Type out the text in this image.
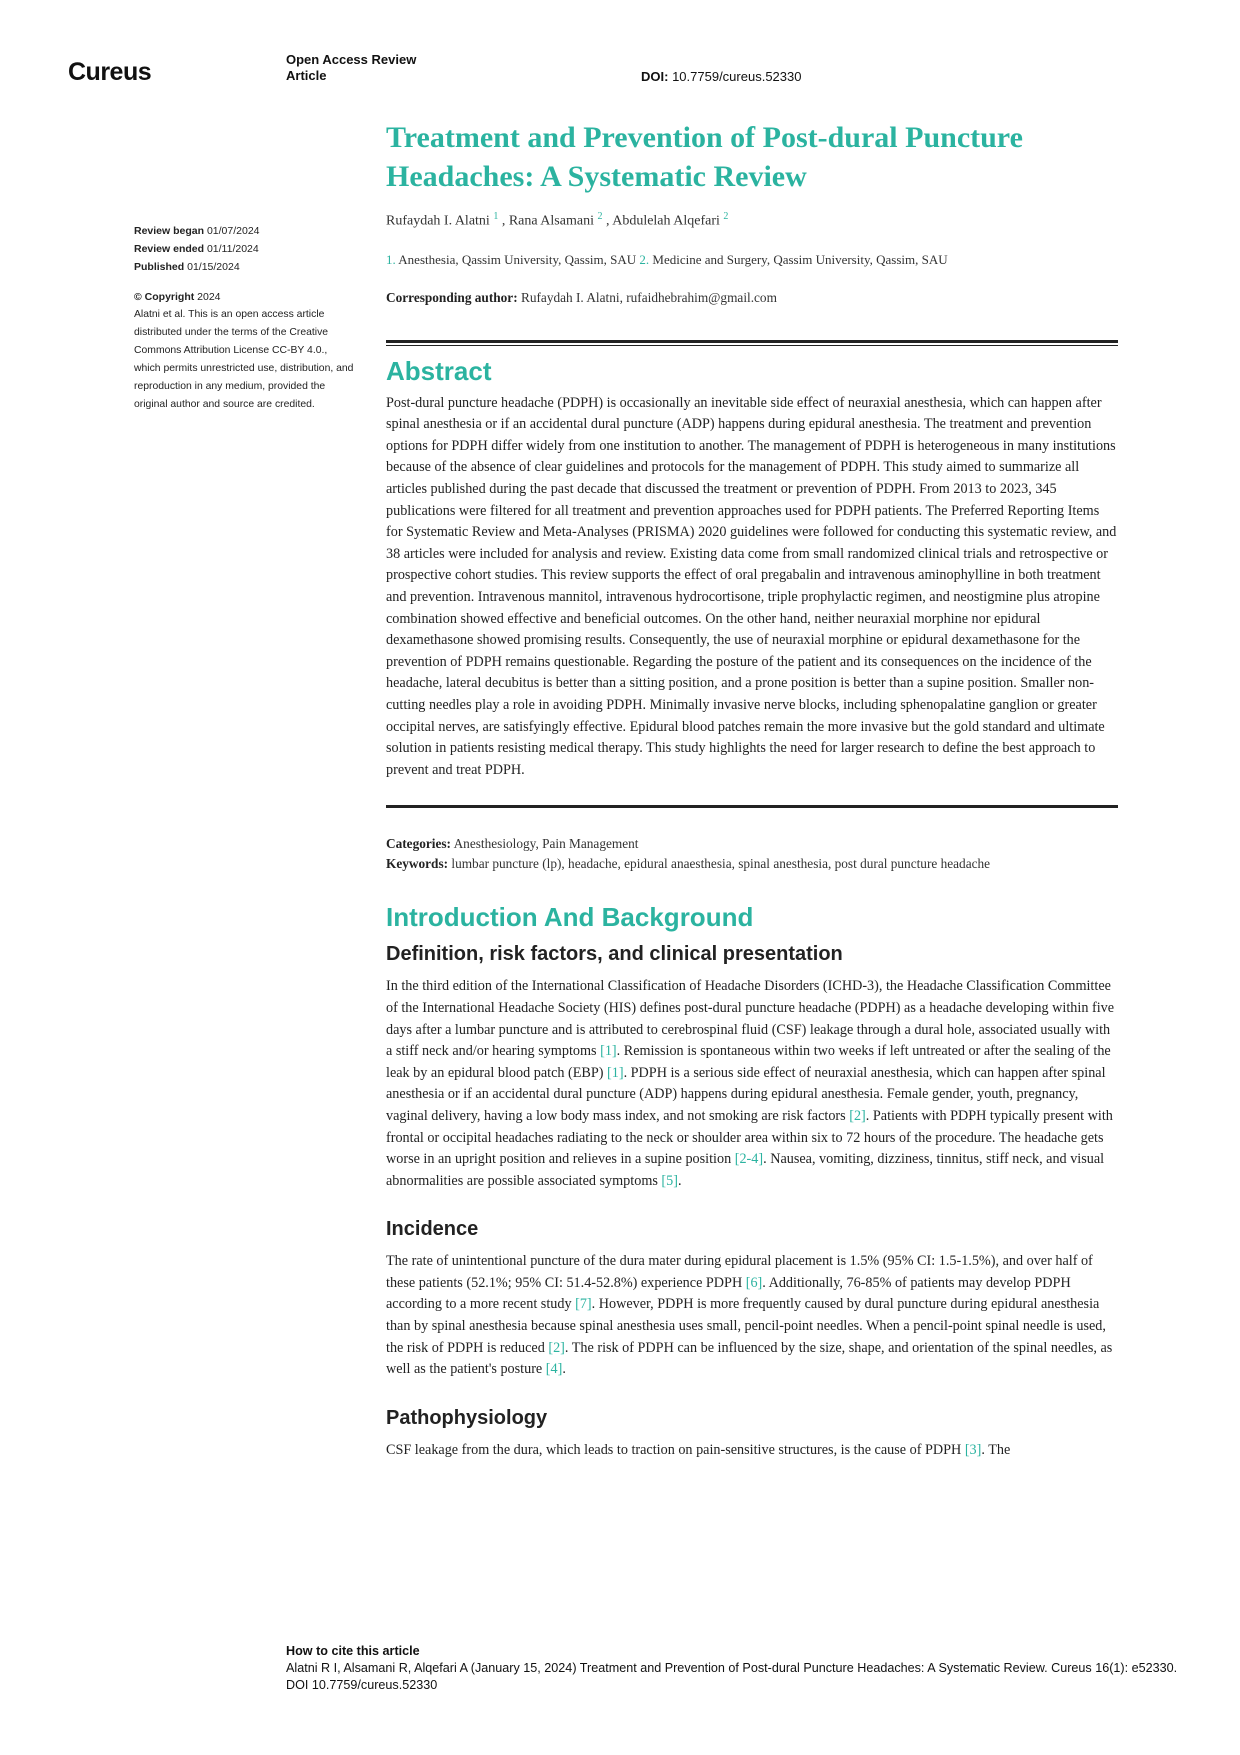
Cureus	Open Access Review
Article	DOI: 10.7759/cureus.52330
Review began 01/07/2024
Review ended 01/11/2024
Published 01/15/2024
© Copyright 2024
Alatni et al. This is an open access article distributed under the terms of the Creative Commons Attribution License CC-BY 4.0., which permits unrestricted use, distribution, and reproduction in any medium, provided the original author and source are credited.
Treatment and Prevention of Post-dural Puncture Headaches: A Systematic Review
Rufaydah I. Alatni $^1$ , Rana Alsamani $^2$ , Abdulelah Alqefari $^2$
1. Anesthesia, Qassim University, Qassim, SAU 2. Medicine and Surgery, Qassim University, Qassim, SAU
Corresponding author: Rufaydah I. Alatni, rufaidhebrahim@gmail.com
Abstract

Post-dural puncture headache (PDPH) is occasionally an inevitable side effect of neuraxial anesthesia, which can happen after spinal anesthesia or if an accidental dural puncture (ADP) happens during epidural anesthesia. The treatment and prevention options for PDPH differ widely from one institution to another. The management of PDPH is heterogeneous in many institutions because of the absence of clear guidelines and protocols for the management of PDPH. This study aimed to summarize all articles published during the past decade that discussed the treatment or prevention of PDPH. From 2013 to 2023, 345 publications were filtered for all treatment and prevention approaches used for PDPH patients. The Preferred Reporting Items for Systematic Review and Meta-Analyses (PRISMA) 2020 guidelines were followed for conducting this systematic review, and 38 articles were included for analysis and review. Existing data come from small randomized clinical trials and retrospective or prospective cohort studies. This review supports the effect of oral pregabalin and intravenous aminophylline in both treatment and prevention. Intravenous mannitol, intravenous hydrocortisone, triple prophylactic regimen, and neostigmine plus atropine combination showed effective and beneficial outcomes. On the other hand, neither neuraxial morphine nor epidural dexamethasone showed promising results. Consequently, the use of neuraxial morphine or epidural dexamethasone for the prevention of PDPH remains questionable. Regarding the posture of the patient and its consequences on the incidence of the headache, lateral decubitus is better than a sitting position, and a prone position is better than a supine position. Smaller non-cutting needles play a role in avoiding PDPH. Minimally invasive nerve blocks, including sphenopalatine ganglion or greater occipital nerves, are satisfyingly effective. Epidural blood patches remain the more invasive but the gold standard and ultimate solution in patients resisting medical therapy. This study highlights the need for larger research to define the best approach to prevent and treat PDPH.

Categories: Anesthesiology, Pain Management
Keywords: lumbar puncture (lp), headache, epidural anaesthesia, spinal anesthesia, post dural puncture headache
Introduction And Background
Definition, risk factors, and clinical presentation

In the third edition of the International Classification of Headache Disorders (ICHD-3), the Headache Classification Committee of the International Headache Society (HIS) defines post-dural puncture headache (PDPH) as a headache developing within five days after a lumbar puncture and is attributed to cerebrospinal fluid (CSF) leakage through a dural hole, associated usually with a stiff neck and/or hearing symptoms [1]. Remission is spontaneous within two weeks if left untreated or after the sealing of the leak by an epidural blood patch (EBP) [1]. PDPH is a serious side effect of neuraxial anesthesia, which can happen after spinal anesthesia or if an accidental dural puncture (ADP) happens during epidural anesthesia. Female gender, youth, pregnancy, vaginal delivery, having a low body mass index, and not smoking are risk factors [2]. Patients with PDPH typically present with frontal or occipital headaches radiating to the neck or shoulder area within six to 72 hours of the procedure. The headache gets worse in an upright position and relieves in a supine position [2-4]. Nausea, vomiting, dizziness, tinnitus, stiff neck, and visual abnormalities are possible associated symptoms [5].

Incidence

The rate of unintentional puncture of the dura mater during epidural placement is 1.5% (95% CI: 1.5-1.5%), and over half of these patients (52.1%; 95% CI: 51.4-52.8%) experience PDPH [6]. Additionally, 76-85% of patients may develop PDPH according to a more recent study [7]. However, PDPH is more frequently caused by dural puncture during epidural anesthesia than by spinal anesthesia because spinal anesthesia uses small, pencil-point needles. When a pencil-point spinal needle is used, the risk of PDPH is reduced [2]. The risk of PDPH can be influenced by the size, shape, and orientation of the spinal needles, as well as the patient's posture [4].

Pathophysiology

CSF leakage from the dura, which leads to traction on pain-sensitive structures, is the cause of PDPH [3]. The

How to cite this article
Alatni R I, Alsamani R, Alqefari A (January 15, 2024) Treatment and Prevention of Post-dural Puncture Headaches: A Systematic Review. Cureus 16(1): e52330. DOI 10.7759/cureus.52330
